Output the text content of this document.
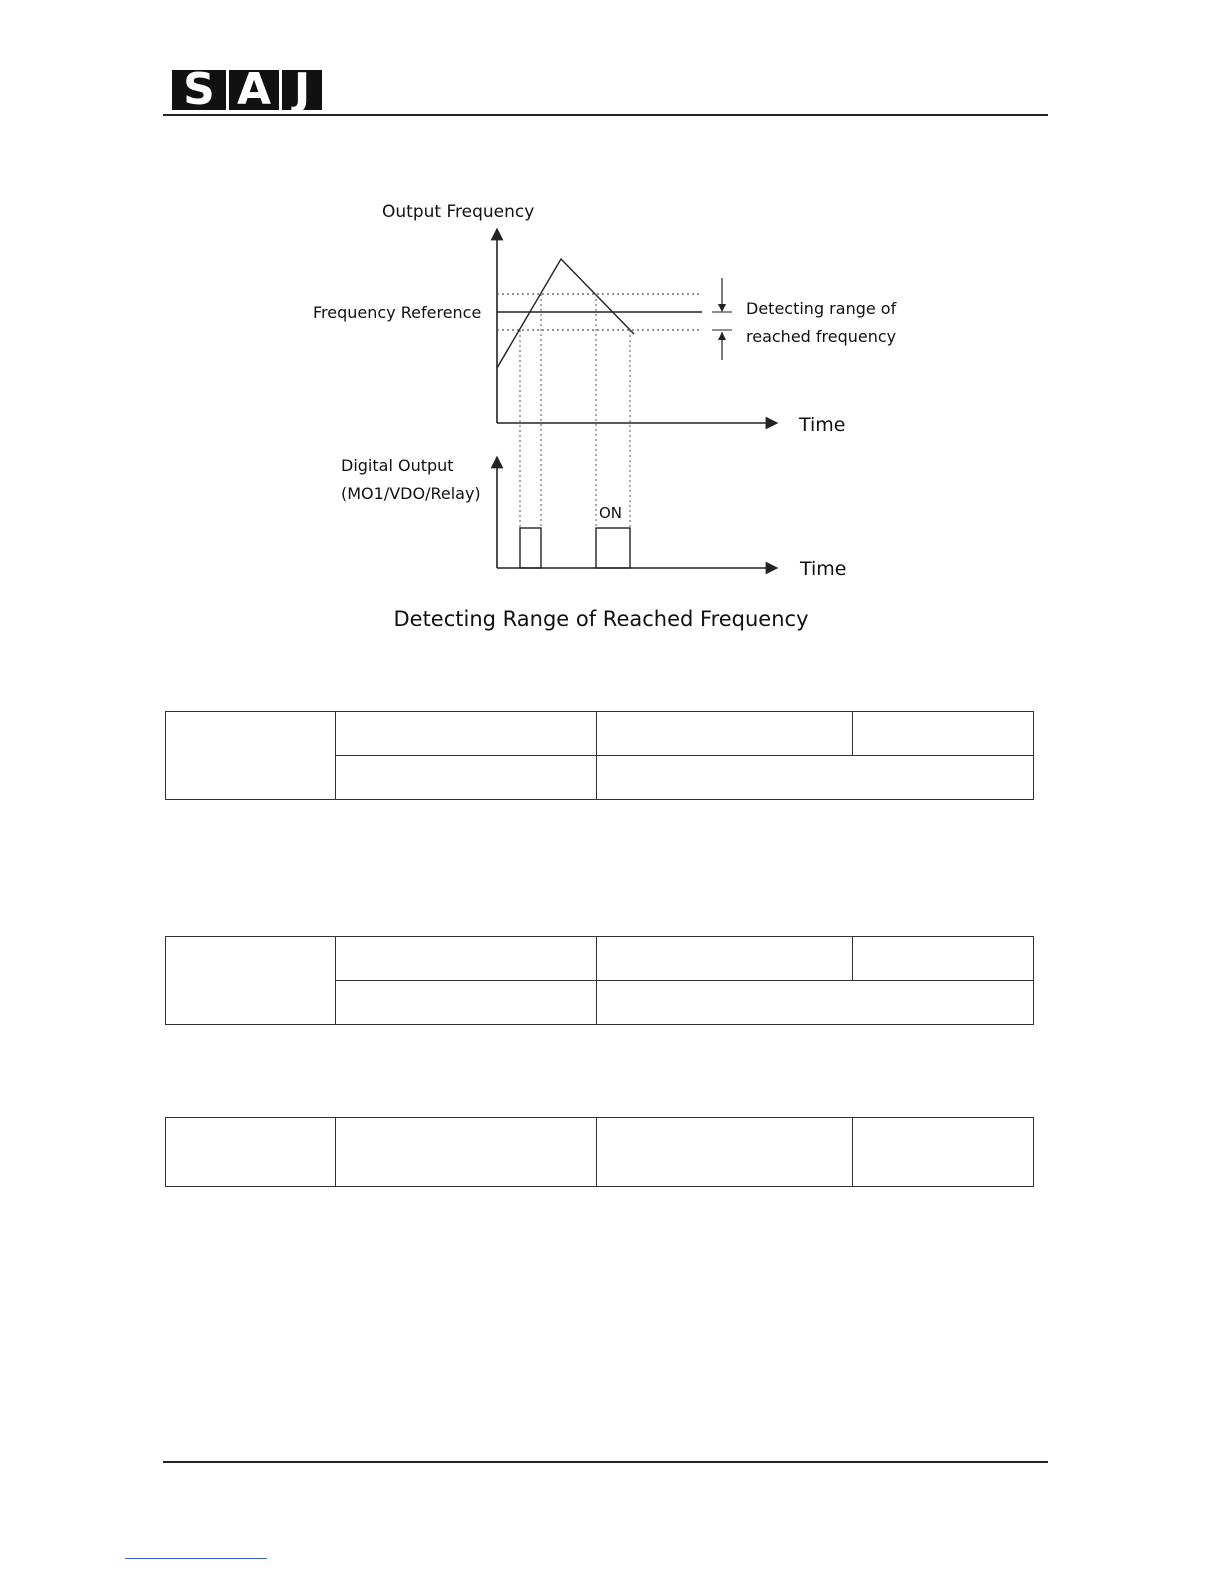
S A J
Output Frequency
Frequency Reference	Detecting range of
reached frequency
Time
Digital Output
(MO1/VDO/Relay)
ON
Time
Detecting Range of Reached Frequency
